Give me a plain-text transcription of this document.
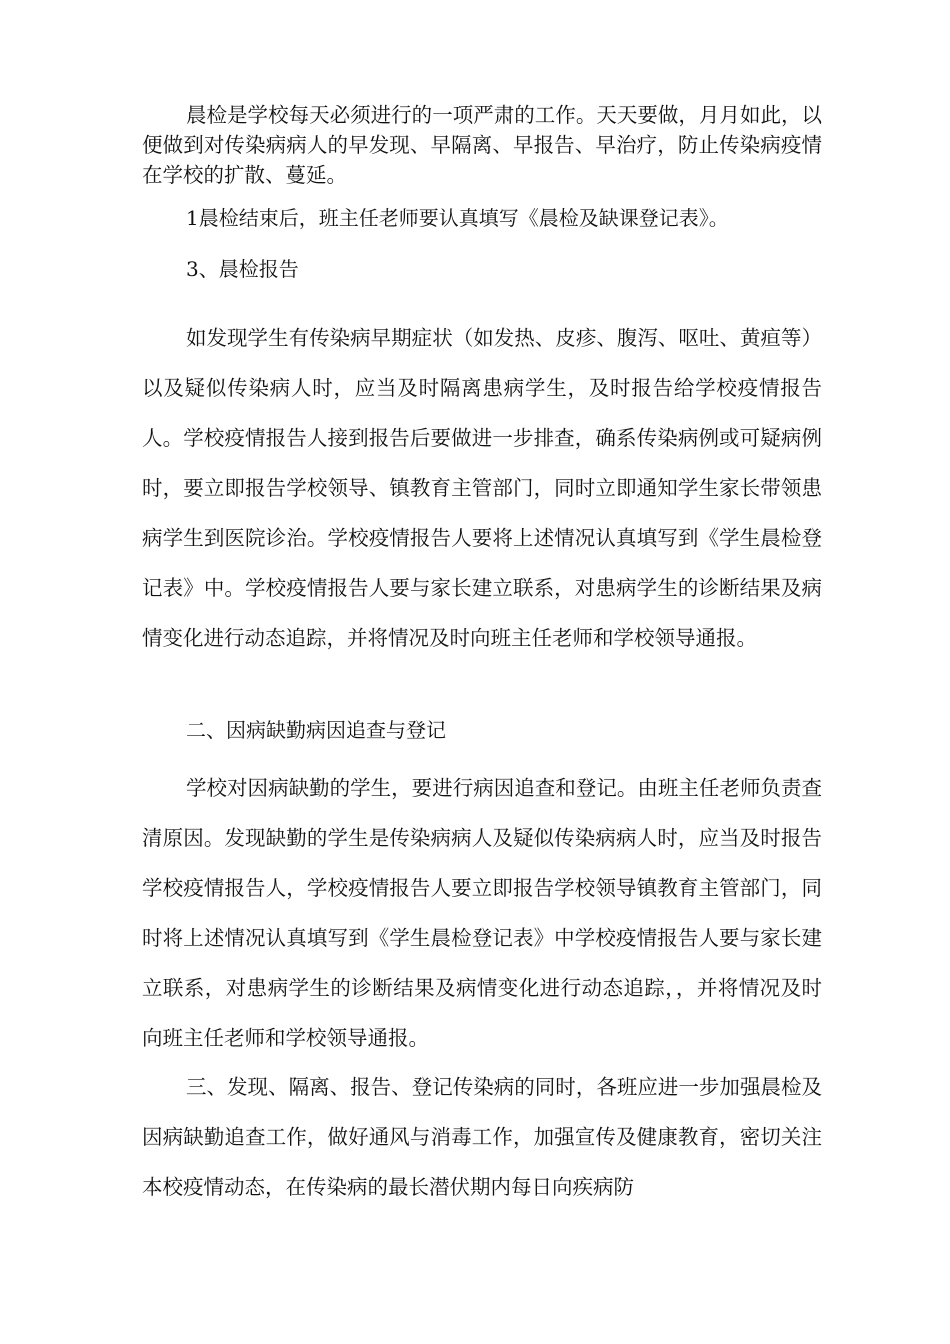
晨检是学校每天必须进行的一项严肃的工作。天天要做，月月如此，以便做到对传染病病人的早发现、早隔离、早报告、早治疗，防止传染病疫情在学校的扩散、蔓延。

1晨检结束后，班主任老师要认真填写《晨检及缺课登记表》。

3、晨检报告

如发现学生有传染病早期症状（如发热、皮疹、腹泻、呕吐、黄疸等）以及疑似传染病人时，应当及时隔离患病学生，及时报告给学校疫情报告人。学校疫情报告人接到报告后要做进一步排查，确系传染病例或可疑病例时，要立即报告学校领导、镇教育主管部门，同时立即通知学生家长带领患病学生到医院诊治。学校疫情报告人要将上述情况认真填写到《学生晨检登记表》中。学校疫情报告人要与家长建立联系，对患病学生的诊断结果及病情变化进行动态追踪，并将情况及时向班主任老师和学校领导通报。

二、因病缺勤病因追查与登记

学校对因病缺勤的学生，要进行病因追查和登记。由班主任老师负责查清原因。发现缺勤的学生是传染病病人及疑似传染病病人时，应当及时报告学校疫情报告人，学校疫情报告人要立即报告学校领导镇教育主管部门，同时将上述情况认真填写到《学生晨检登记表》中学校疫情报告人要与家长建立联系，对患病学生的诊断结果及病情变化进行动态追踪，，并将情况及时向班主任老师和学校领导通报。

三、发现、隔离、报告、登记传染病的同时，各班应进一步加强晨检及因病缺勤追查工作，做好通风与消毒工作，加强宣传及健康教育，密切关注本校疫情动态，在传染病的最长潜伏期内每日向疾病防
